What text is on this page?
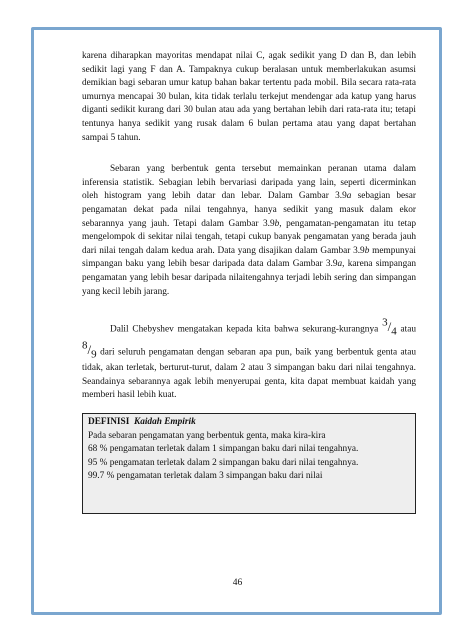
karena diharapkan mayoritas mendapat nilai C, agak sedikit yang D dan B, dan lebih sedikit lagi yang F dan A. Tampaknya cukup beralasan untuk memberlakukan asumsi demikian bagi sebaran umur katup bahan bakar tertentu pada mobil. Bila secara rata-rata umurnya mencapai 30 bulan, kita tidak terlalu terkejut mendengar ada katup yang harus diganti sedikit kurang dari 30 bulan atau ada yang bertahan lebih dari rata-rata itu; tetapi tentunya hanya sedikit yang rusak dalam 6 bulan pertama atau yang dapat bertahan sampai 5 tahun.

Sebaran yang berbentuk genta tersebut memainkan peranan utama dalam inferensia statistik. Sebagian lebih bervariasi daripada yang lain, seperti dicerminkan oleh histogram yang lebih datar dan lebar. Dalam Gambar 3.9a sebagian besar pengamatan dekat pada nilai tengahnya, hanya sedikit yang masuk dalam ekor sebarannya yang jauh. Tetapi dalam Gambar 3.9b, pengamatan-pengamatan itu tetap mengelompok di sekitar nilai tengah, tetapi cukup banyak pengamatan yang berada jauh dari nilai tengah dalam kedua arah. Data yang disajikan dalam Gambar 3.9b mempunyai simpangan baku yang lebih besar daripada data dalam Gambar 3.9a, karena simpangan pengamatan yang lebih besar daripada nilaitengahnya terjadi lebih sering dan simpangan yang kecil lebih jarang.

Dalil Chebyshev mengatakan kepada kita bahwa sekurang-kurangnya $^3/_4$ atau $^8/_9$ dari seluruh pengamatan dengan sebaran apa pun, baik yang berbentuk genta atau tidak, akan terletak, berturut-turut, dalam 2 atau 3 simpangan baku dari nilai tengahnya. Seandainya sebarannya agak lebih menyerupai genta, kita dapat membuat kaidah yang memberi hasil lebih kuat.

DEFINISI Kaidah Empirik

Pada sebaran pengamatan yang berbentuk genta, maka kira-kira

68 % pengamatan terletak dalam 1 simpangan baku dari nilai tengahnya.

95 % pengamatan terletak dalam 2 simpangan baku dari nilai tengahnya.

99.7 % pengamatan terletak dalam 3 simpangan baku dari nilai

46
